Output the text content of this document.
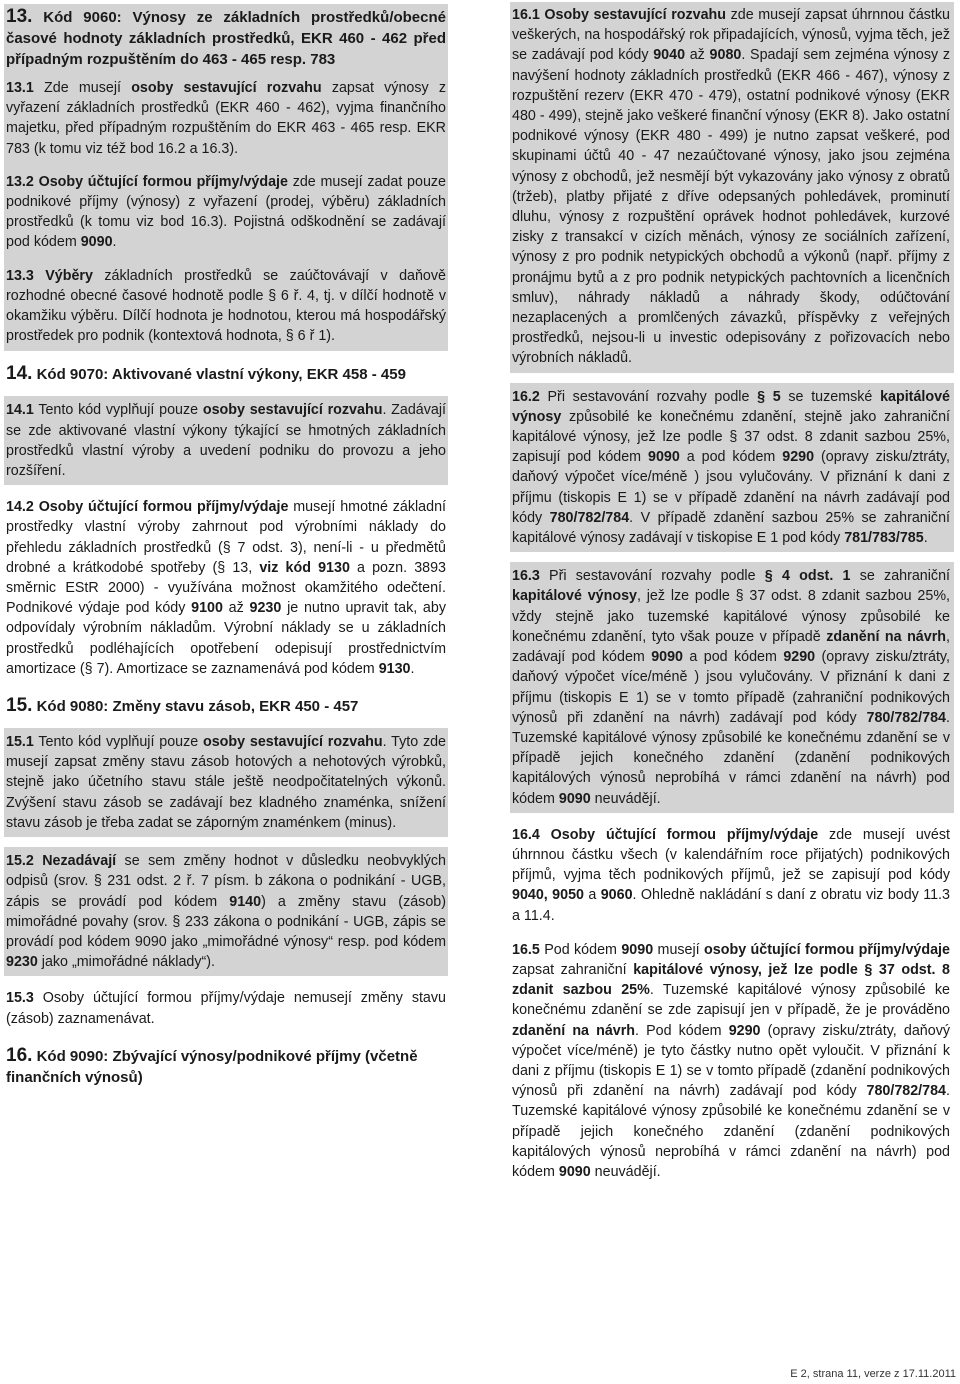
13. Kód 9060: Výnosy ze základních prostředků/obecné časové hodnoty základních prostředků, EKR 460 - 462 před případným rozpuštěním do 463 - 465 resp. 783

13.1 Zde musejí osoby sestavující rozvahu zapsat výnosy z vyřazení základních prostředků (EKR 460 - 462), vyjma finančního majetku, před případným rozpuštěním do EKR 463 - 465 resp. EKR 783 (k tomu viz též bod 16.2 a 16.3).

13.2 Osoby účtující formou příjmy/výdaje zde musejí zadat pouze podnikové příjmy (výnosy) z vyřazení (prodej, výběru) základních prostředků (k tomu viz bod 16.3). Pojistná odškodnění se zadávají pod kódem 9090.

13.3 Výběry základních prostředků se zaúčtovávají v daňově rozhodné obecné časové hodnotě podle § 6 ř. 4, tj. v dílčí hodnotě v okamžiku výběru. Dílčí hodnota je hodnotou, kterou má hospodářský prostředek pro podnik (kontextová hodnota, § 6 ř 1).

14. Kód 9070: Aktivované vlastní výkony, EKR 458 - 459

14.1 Tento kód vyplňují pouze osoby sestavující rozvahu. Zadávají se zde aktivované vlastní výkony týkající se hmotných základních prostředků vlastní výroby a uvedení podniku do provozu a jeho rozšíření.

14.2 Osoby účtující formou příjmy/výdaje musejí hmotné základní prostředky vlastní výroby zahrnout pod výrobními náklady do přehledu základních prostředků (§ 7 odst. 3), není-li - u předmětů drobné a krátkodobé spotřeby (§ 13, viz kód 9130 a pozn. 3893 směrnic EStR 2000) - využívána možnost okamžitého odečtení. Podnikové výdaje pod kódy 9100 až 9230 je nutno upravit tak, aby odpovídaly výrobním nákladům. Výrobní náklady se u základních prostředků podléhajících opotřebení odepisují prostřednictvím amortizace (§ 7). Amortizace se zaznamenává pod kódem 9130.

15. Kód 9080: Změny stavu zásob, EKR 450 - 457

15.1 Tento kód vyplňují pouze osoby sestavující rozvahu. Tyto zde musejí zapsat změny stavu zásob hotových a nehotových výrobků, stejně jako účetního stavu stále ještě neodpočitatelných výkonů. Zvýšení stavu zásob se zadávají bez kladného znaménka, snížení stavu zásob je třeba zadat se záporným znaménkem (minus).

15.2 Nezadávají se sem změny hodnot v důsledku neobvyklých odpisů (srov. § 231 odst. 2 ř. 7 písm. b zákona o podnikání - UGB, zápis se provádí pod kódem 9140) a změny stavu (zásob) mimořádné povahy (srov. § 233 zákona o podnikání - UGB, zápis se provádí pod kódem 9090 jako „mimořádné výnosy“ resp. pod kódem 9230 jako „mimořádné náklady“).

15.3 Osoby účtující formou příjmy/výdaje nemusejí změny stavu (zásob) zaznamenávat.

16. Kód 9090: Zbývající výnosy/podnikové příjmy (včetně finančních výnosů)

16.1 Osoby sestavující rozvahu zde musejí zapsat úhrnnou částku veškerých, na hospodářský rok připadajících, výnosů, vyjma těch, jež se zadávají pod kódy 9040 až 9080. Spadají sem zejména výnosy z navýšení hodnoty základních prostředků (EKR 466 - 467), výnosy z rozpuštění rezerv (EKR 470 - 479), ostatní podnikové výnosy (EKR 480 - 499), stejně jako veškeré finanční výnosy (EKR 8). Jako ostatní podnikové výnosy (EKR 480 - 499) je nutno zapsat veškeré, pod skupinami účtů 40 - 47 nezaúčtované výnosy, jako jsou zejména výnosy z obchodů, jež nesmějí být vykazovány jako výnosy z obratů (tržeb), platby přijaté z dříve odepsaných pohledávek, prominutí dluhu, výnosy z rozpuštění oprávek hodnot pohledávek, kurzové zisky z transakcí v cizích měnách, výnosy ze sociálních zařízení, výnosy z pro podnik netypických obchodů a výkonů (např. příjmy z pronájmu bytů a z pro podnik netypických pachtovních a licenčních smluv), náhrady nákladů a náhrady škody, odúčtování nezaplacených a promlčených závazků, příspěvky z veřejných prostředků, nejsou-li u investic odepisovány z pořizovacích nebo výrobních nákladů.

16.2 Při sestavování rozvahy podle § 5 se tuzemské kapitálové výnosy způsobilé ke konečnému zdanění, stejně jako zahraniční kapitálové výnosy, jež lze podle § 37 odst. 8 zdanit sazbou 25%, zapisují pod kódem 9090 a pod kódem 9290 (opravy zisku/ztráty, daňový výpočet více/méně ) jsou vylučovány. V přiznání k dani z příjmu (tiskopis E 1) se v případě zdanění na návrh zadávají pod kódy 780/782/784. V případě zdanění sazbou 25% se zahraniční kapitálové výnosy zadávají v tiskopise E 1 pod kódy 781/783/785.

16.3 Při sestavování rozvahy podle § 4 odst. 1 se zahraniční kapitálové výnosy, jež lze podle § 37 odst. 8 zdanit sazbou 25%, vždy stejně jako tuzemské kapitálové výnosy způsobilé ke konečnému zdanění, tyto však pouze v případě zdanění na návrh, zadávají pod kódem 9090 a pod kódem 9290 (opravy zisku/ztráty, daňový výpočet více/méně ) jsou vylučovány. V přiznání k dani z příjmu (tiskopis E 1) se v tomto případě (zahraniční podnikových výnosů při zdanění na návrh) zadávají pod kódy 780/782/784. Tuzemské kapitálové výnosy způsobilé ke konečnému zdanění se v případě jejich konečného zdanění (zdanění podnikových kapitálových výnosů neprobíhá v rámci zdanění na návrh) pod kódem 9090 neuvádějí.

16.4 Osoby účtující formou příjmy/výdaje zde musejí uvést úhrnnou částku všech (v kalendářním roce přijatých) podnikových příjmů, vyjma těch podnikových příjmů, jež se zapisují pod kódy 9040, 9050 a 9060. Ohledně nakládání s daní z obratu viz body 11.3 a 11.4.

16.5 Pod kódem 9090 musejí osoby účtující formou příjmy/výdaje zapsat zahraniční kapitálové výnosy, jež lze podle § 37 odst. 8 zdanit sazbou 25%. Tuzemské kapitálové výnosy způsobilé ke konečnému zdanění se zde zapisují jen v případě, že je prováděno zdanění na návrh. Pod kódem 9290 (opravy zisku/ztráty, daňový výpočet více/méně) je tyto částky nutno opět vyloučit. V přiznání k dani z příjmu (tiskopis E 1) se v tomto případě (zdanění podnikových výnosů při zdanění na návrh) zadávají pod kódy 780/782/784. Tuzemské kapitálové výnosy způsobilé ke konečnému zdanění se v případě jejich konečného zdanění (zdanění podnikových kapitálových výnosů neprobíhá v rámci zdanění na návrh) pod kódem 9090 neuvádějí.

E 2, strana 11, verze z 17.11.2011
